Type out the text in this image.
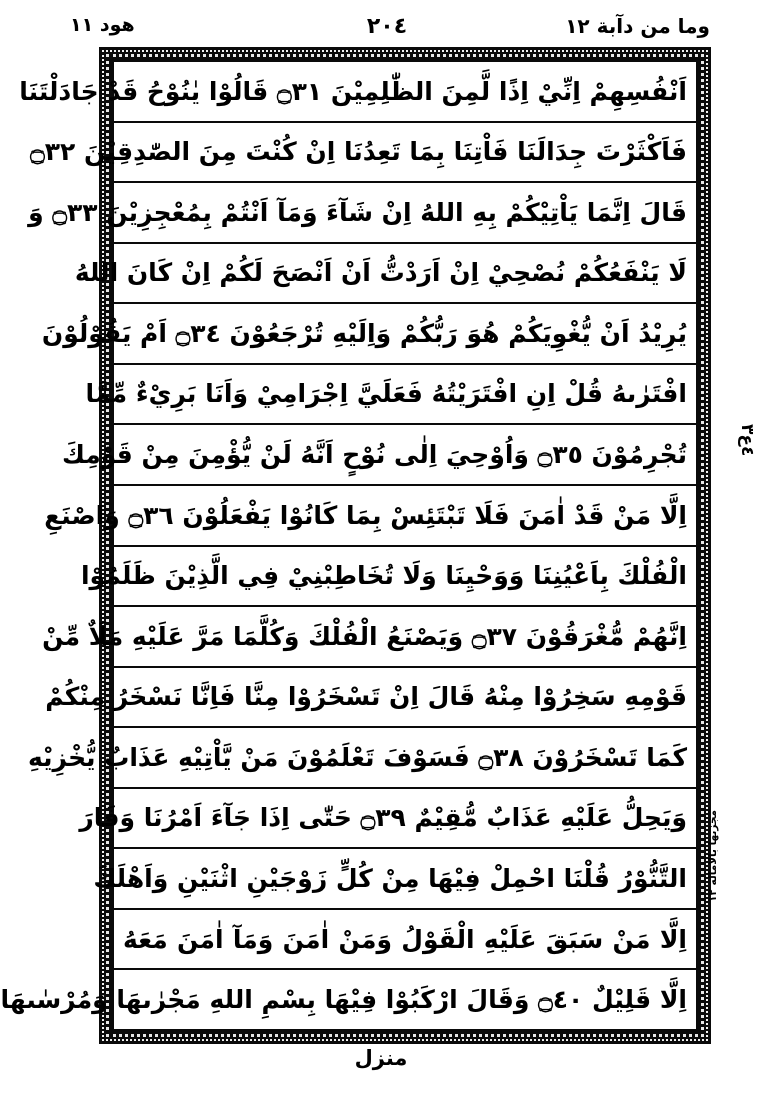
وما من دآبة ١٢
٢٠٤
هود ١١
اَنْفُسِهِمْ اِنِّيْ اِذًا لَّمِنَ الظّٰلِمِيْنَ ۝٣١ قَالُوْا يٰنُوْحُ قَدْ جَادَلْتَنَا
فَاَكْثَرْتَ جِدَالَنَا فَاْتِنَا بِمَا تَعِدُنَا اِنْ كُنْتَ مِنَ الصّٰدِقِيْنَ ۝٣٢
قَالَ اِنَّمَا يَاْتِيْكُمْ بِهِ اللهُ اِنْ شَآءَ وَمَآ اَنْتُمْ بِمُعْجِزِيْنَ ۝٣٣ وَ
لَا يَنْفَعُكُمْ نُصْحِيْ اِنْ اَرَدْتُّ اَنْ اَنْصَحَ لَكُمْ اِنْ كَانَ اللهُ
يُرِيْدُ اَنْ يُّغْوِيَكُمْ هُوَ رَبُّكُمْ وَاِلَيْهِ تُرْجَعُوْنَ ۝٣٤ اَمْ يَقُوْلُوْنَ
افْتَرٰىهُ قُلْ اِنِ افْتَرَيْتُهُ فَعَلَيَّ اِجْرَامِيْ وَاَنَا بَرِيْءٌ مِّمَّا
تُجْرِمُوْنَ ۝٣٥ وَاُوْحِيَ اِلٰى نُوْحٍ اَنَّهُ لَنْ يُّؤْمِنَ مِنْ قَوْمِكَ
اِلَّا مَنْ قَدْ اٰمَنَ فَلَا تَبْتَئِسْ بِمَا كَانُوْا يَفْعَلُوْنَ ۝٣٦ وَاصْنَعِ
الْفُلْكَ بِاَعْيُنِنَا وَوَحْيِنَا وَلَا تُخَاطِبْنِيْ فِي الَّذِيْنَ ظَلَمُوْا
اِنَّهُمْ مُّغْرَقُوْنَ ۝٣٧ وَيَصْنَعُ الْفُلْكَ وَكُلَّمَا مَرَّ عَلَيْهِ مَلَاٌ مِّنْ
قَوْمِهِ سَخِرُوْا مِنْهُ قَالَ اِنْ تَسْخَرُوْا مِنَّا فَاِنَّا نَسْخَرُ مِنْكُمْ
كَمَا تَسْخَرُوْنَ ۝٣٨ فَسَوْفَ تَعْلَمُوْنَ مَنْ يَّاْتِيْهِ عَذَابٌ يُّخْزِيْهِ
وَيَحِلُّ عَلَيْهِ عَذَابٌ مُّقِيْمٌ ۝٣٩ حَتّٰى اِذَا جَآءَ اَمْرُنَا وَفَارَ
التَّنُّوْرُ قُلْنَا احْمِلْ فِيْهَا مِنْ كُلٍّ زَوْجَيْنِ اثْنَيْنِ وَاَهْلَكَ
اِلَّا مَنْ سَبَقَ عَلَيْهِ الْقَوْلُ وَمَنْ اٰمَنَ وَمَآ اٰمَنَ مَعَهُ
اِلَّا قَلِيْلٌ ۝٤٠ وَقَالَ ارْكَبُوْا فِيْهَا بِسْمِ اللهِ مَجْرٰىهَا وَمُرْسٰىهَا
٤ع٣
مجرٰىها بالاماله ١٢
منزل
